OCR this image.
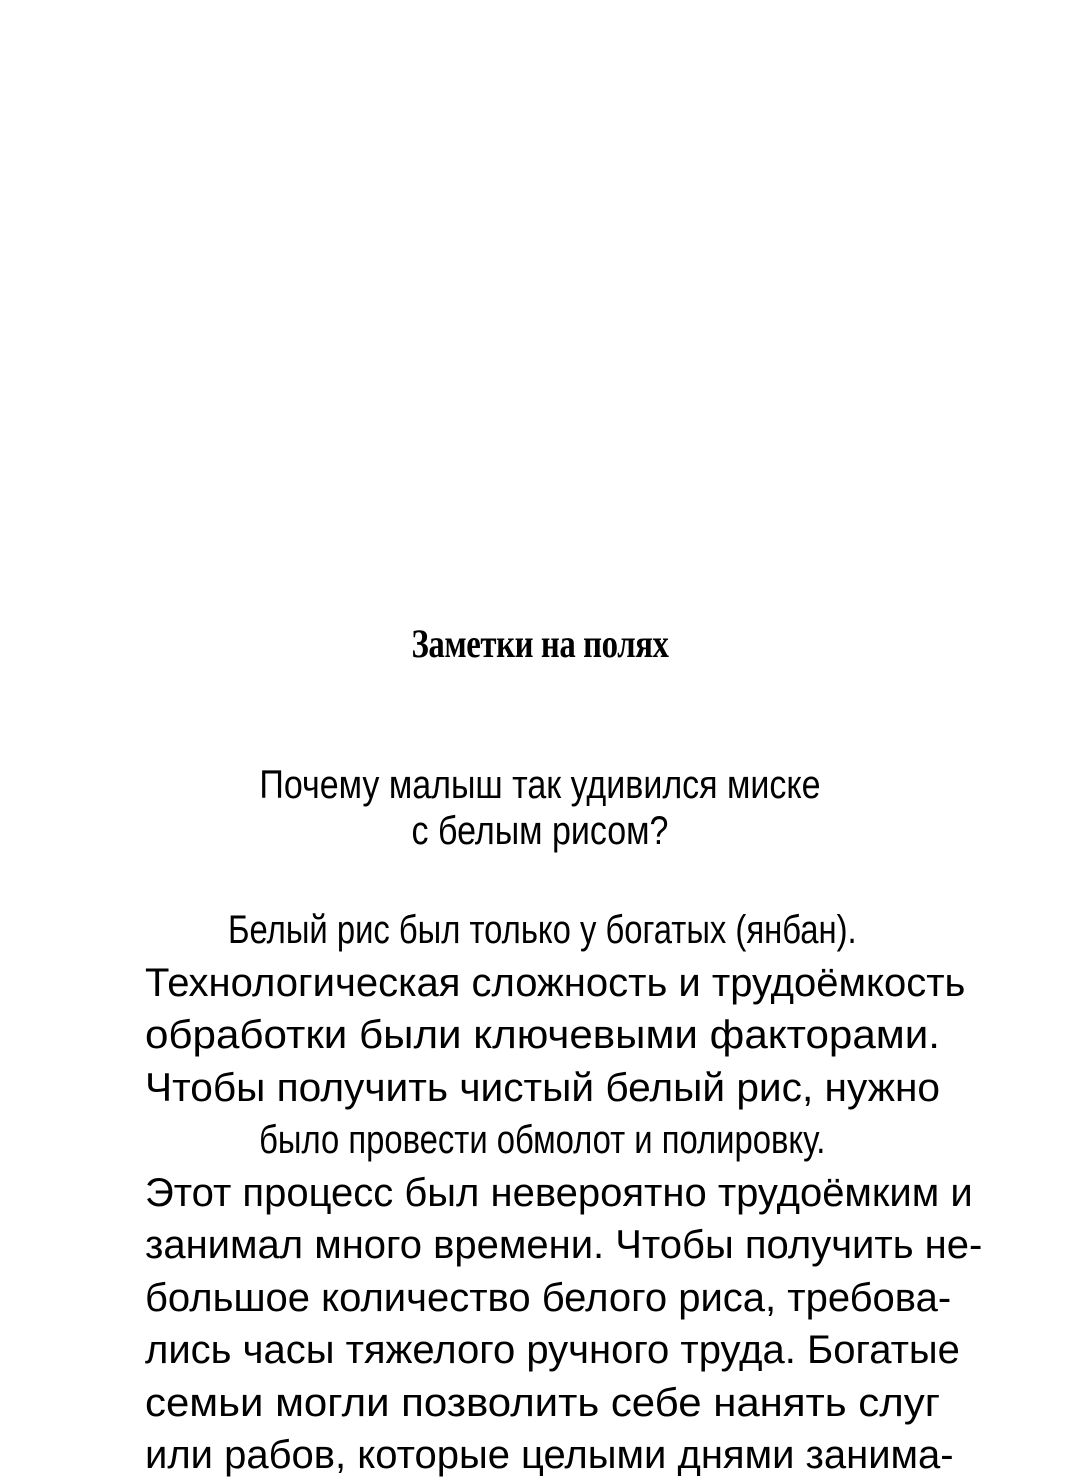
Заметки на полях
Почему малыш так удивился миске
с белым рисом?
Белый рис был только у богатых (янбан).
Технологическая сложность и трудоёмкость
обработки были ключевыми факторами.
Чтобы получить чистый белый рис, нужно
было провести обмолот и полировку.
Этот процесс был невероятно трудоёмким и
занимал много времени. Чтобы получить не-
большое количество белого риса, требова-
лись часы тяжелого ручного труда. Богатые
семьи могли позволить себе нанять слуг
или рабов, которые целыми днями занима-
